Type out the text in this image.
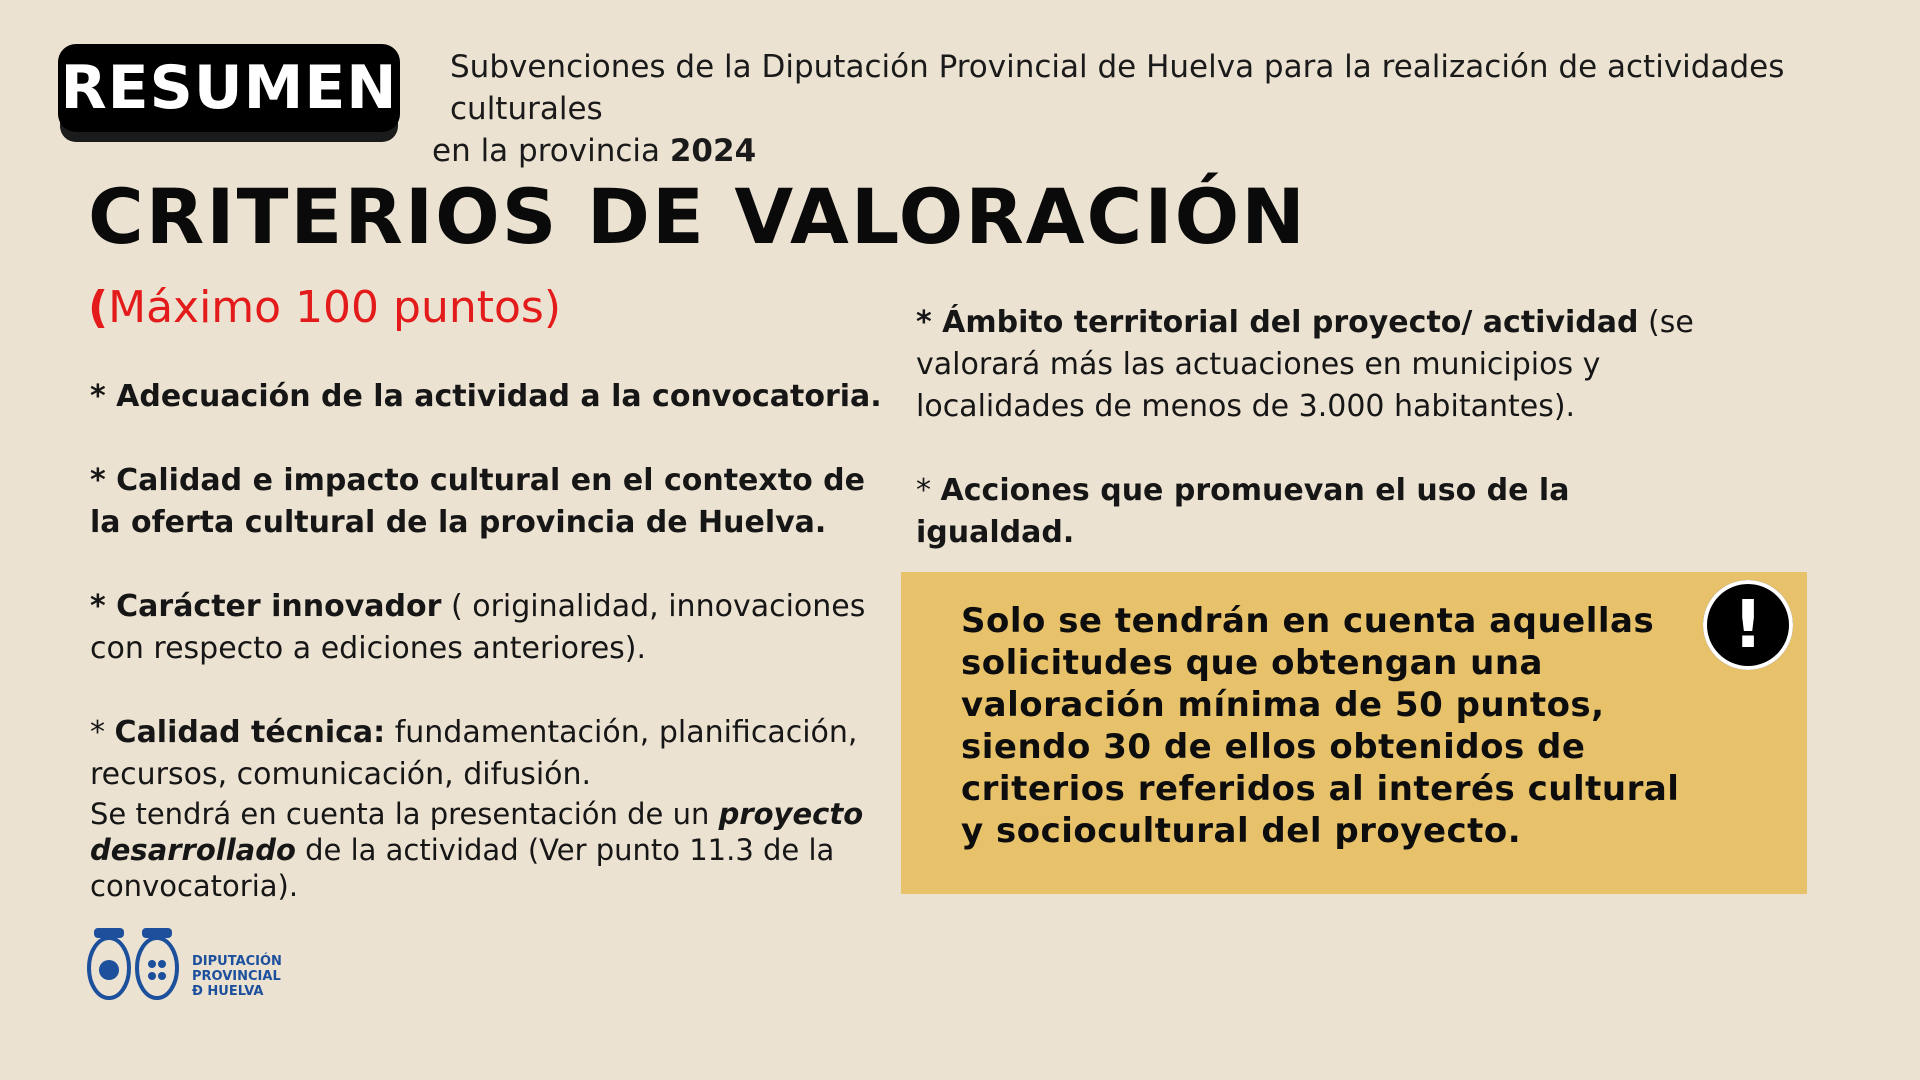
RESUMEN	Subvenciones de la Diputación Provincial de Huelva para la realización de actividades culturales
en la provincia 2024
CRITERIOS DE VALORACIÓN
(Máximo 100 puntos)
* Adecuación de la actividad a la convocatoria.
* Calidad e impacto cultural en el contexto de la oferta cultural de la provincia de Huelva.
* Carácter innovador ( originalidad, innovaciones con respecto a ediciones anteriores).
* Calidad técnica: fundamentación, planificación, recursos, comunicación, difusión.
Se tendrá en cuenta la presentación de un proyecto desarrollado de la actividad (Ver punto 11.3 de la convocatoria).
* Ámbito territorial del proyecto/ actividad (se valorará más las actuaciones en municipios y localidades de menos de 3.000 habitantes).
* Acciones que promuevan el uso de la igualdad.
Solo se tendrán en cuenta aquellas solicitudes que obtengan una valoración mínima de 50 puntos, siendo 30 de ellos obtenidos de criterios referidos al interés cultural y sociocultural del proyecto.
!
DIPUTACIÓN
PROVINCIAL
Ð HUELVA
